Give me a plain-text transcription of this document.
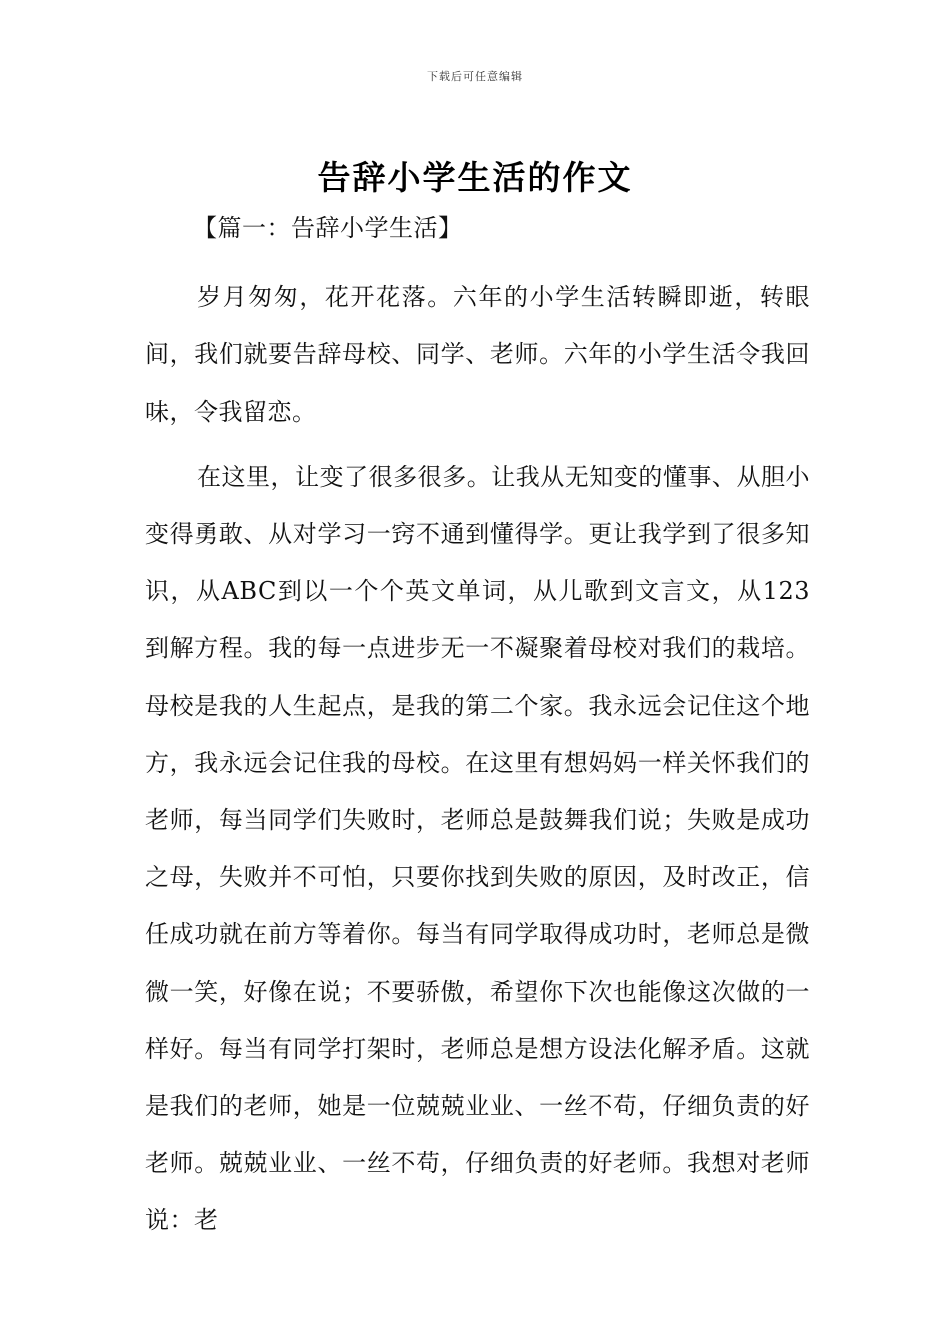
下载后可任意编辑
告辞小学生活的作文

【篇一：告辞小学生活】

岁月匆匆，花开花落。六年的小学生活转瞬即逝，转眼间，我们就要告辞母校、同学、老师。六年的小学生活令我回味，令我留恋。

在这里，让变了很多很多。让我从无知变的懂事、从胆小变得勇敢、从对学习一窍不通到懂得学。更让我学到了很多知识，从ABC到以一个个英文单词，从儿歌到文言文，从123到解方程。我的每一点进步无一不凝聚着母校对我们的栽培。母校是我的人生起点，是我的第二个家。我永远会记住这个地方，我永远会记住我的母校。在这里有想妈妈一样关怀我们的老师，每当同学们失败时，老师总是鼓舞我们说；失败是成功之母，失败并不可怕，只要你找到失败的原因，及时改正，信任成功就在前方等着你。每当有同学取得成功时，老师总是微微一笑，好像在说；不要骄傲，希望你下次也能像这次做的一样好。每当有同学打架时，老师总是想方设法化解矛盾。这就是我们的老师，她是一位兢兢业业、一丝不苟，仔细负责的好老师。兢兢业业、一丝不苟，仔细负责的好老师。我想对老师说：老
